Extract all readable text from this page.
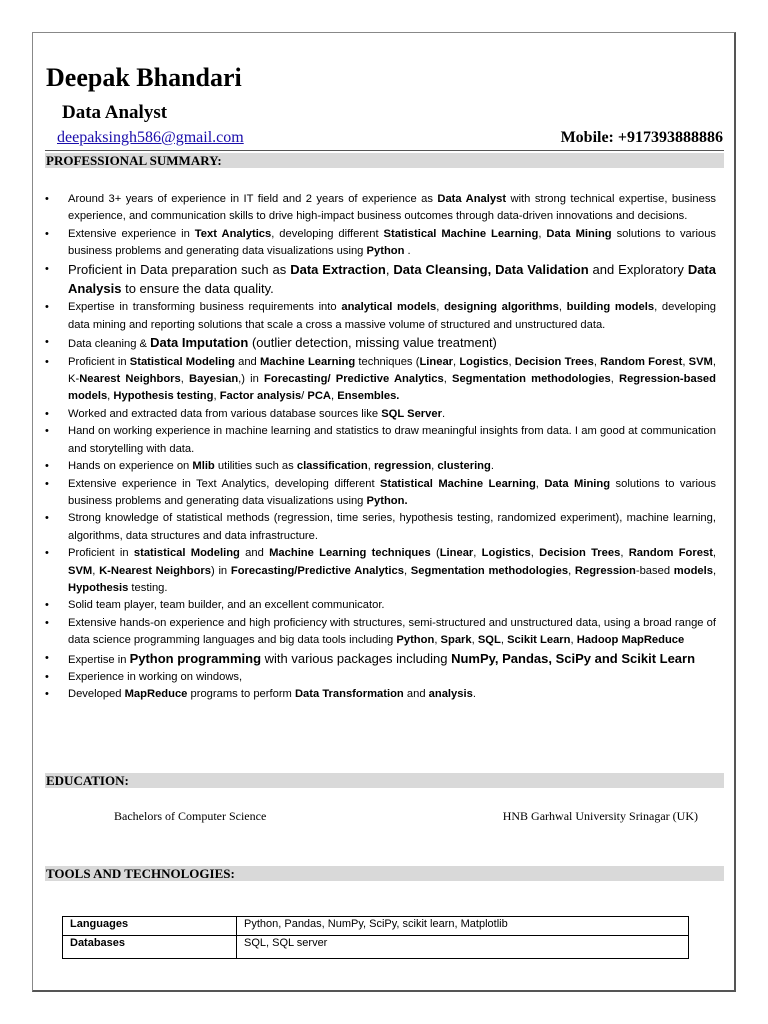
Deepak Bhandari
Data Analyst
deepaksingh586@gmail.com	Mobile: +917393888886
PROFESSIONAL SUMMARY:
• Around 3+ years of experience in IT field and 2 years of experience as Data Analyst with strong technical expertise, business experience, and communication skills to drive high-impact business outcomes through data-driven innovations and decisions.
• Extensive experience in Text Analytics, developing different Statistical Machine Learning, Data Mining solutions to various business problems and generating data visualizations using Python .
• Proficient in Data preparation such as Data Extraction, Data Cleansing, Data Validation and Exploratory Data Analysis to ensure the data quality.
• Expertise in transforming business requirements into analytical models, designing algorithms, building models, developing data mining and reporting solutions that scale a cross a massive volume of structured and unstructured data.
• Data cleaning & Data Imputation (outlier detection, missing value treatment)
• Proficient in Statistical Modeling and Machine Learning techniques (Linear, Logistics, Decision Trees, Random Forest, SVM, K-Nearest Neighbors, Bayesian,) in Forecasting/ Predictive Analytics, Segmentation methodologies, Regression-based models, Hypothesis testing, Factor analysis/ PCA, Ensembles.
• Worked and extracted data from various database sources like SQL Server.
• Hand on working experience in machine learning and statistics to draw meaningful insights from data. I am good at communication and storytelling with data.
• Hands on experience on Mlib utilities such as classification, regression, clustering.
• Extensive experience in Text Analytics, developing different Statistical Machine Learning, Data Mining solutions to various business problems and generating data visualizations using Python.
• Strong knowledge of statistical methods (regression, time series, hypothesis testing, randomized experiment), machine learning, algorithms, data structures and data infrastructure.
• Proficient in statistical Modeling and Machine Learning techniques (Linear, Logistics, Decision Trees, Random Forest, SVM, K-Nearest Neighbors) in Forecasting/Predictive Analytics, Segmentation methodologies, Regression-based models, Hypothesis testing.
• Solid team player, team builder, and an excellent communicator.
• Extensive hands-on experience and high proficiency with structures, semi-structured and unstructured data, using a broad range of data science programming languages and big data tools including Python, Spark, SQL, Scikit Learn, Hadoop MapReduce
• Expertise in Python programming with various packages including NumPy, Pandas, SciPy and Scikit Learn
• Experience in working on windows,
• Developed MapReduce programs to perform Data Transformation and analysis.
EDUCATION:
Bachelors of Computer Science	HNB Garhwal University Srinagar (UK)
TOOLS AND TECHNOLOGIES:
Languages	Python, Pandas, NumPy, SciPy, scikit learn, Matplotlib
Databases	SQL, SQL server
